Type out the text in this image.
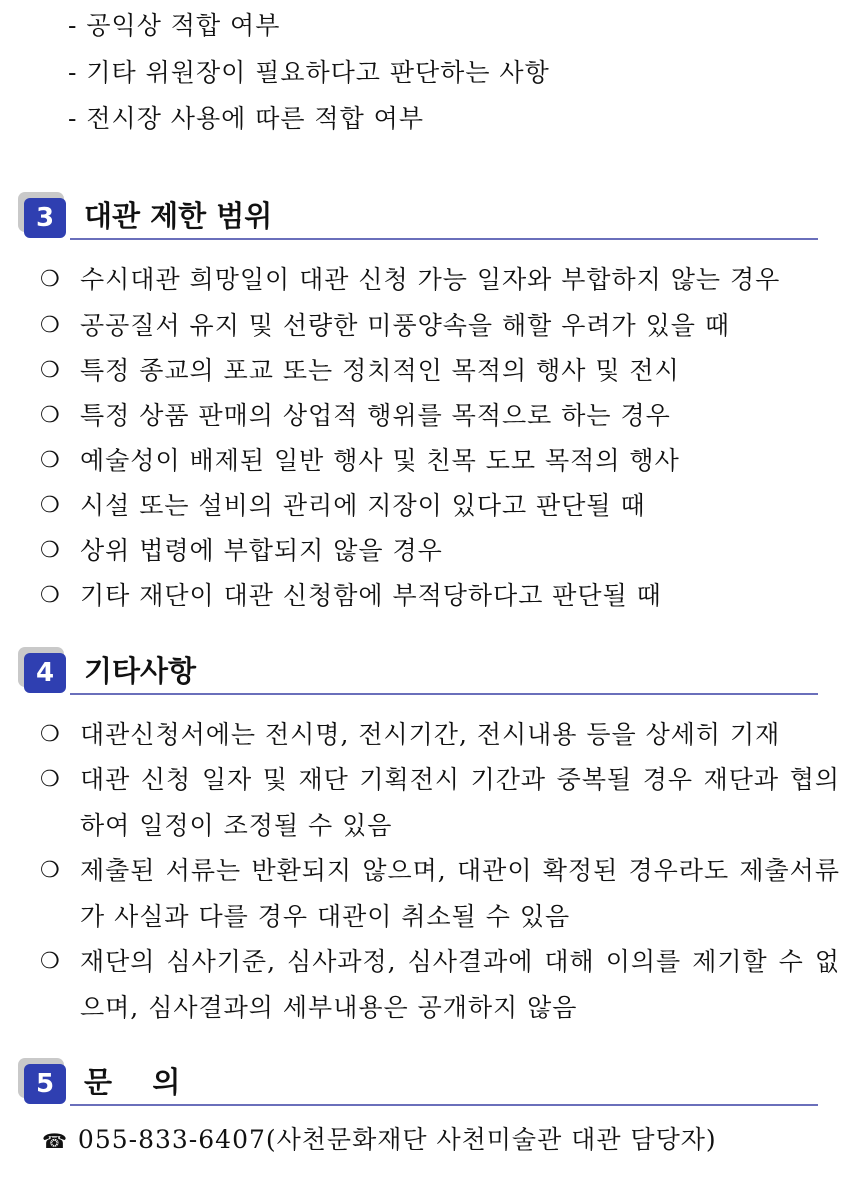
- 공익상 적합 여부
- 기타 위원장이 필요하다고 판단하는 사항
- 전시장 사용에 따른 적합 여부
3	대관 제한 범위
❍ 수시대관 희망일이 대관 신청 가능 일자와 부합하지 않는 경우
❍ 공공질서 유지 및 선량한 미풍양속을 해할 우려가 있을 때
❍ 특정 종교의 포교 또는 정치적인 목적의 행사 및 전시
❍ 특정 상품 판매의 상업적 행위를 목적으로 하는 경우
❍ 예술성이 배제된 일반 행사 및 친목 도모 목적의 행사
❍ 시설 또는 설비의 관리에 지장이 있다고 판단될 때
❍ 상위 법령에 부합되지 않을 경우
❍ 기타 재단이 대관 신청함에 부적당하다고 판단될 때
4	기타사항
❍ 대관신청서에는 전시명, 전시기간, 전시내용 등을 상세히 기재
❍ 대관 신청 일자 및 재단 기획전시 기간과 중복될 경우 재단과 협의하여 일정이 조정될 수 있음
❍ 제출된 서류는 반환되지 않으며, 대관이 확정된 경우라도 제출서류가 사실과 다를 경우 대관이 취소될 수 있음
❍ 재단의 심사기준, 심사과정, 심사결과에 대해 이의를 제기할 수 없으며, 심사결과의 세부내용은 공개하지 않음
5	문    의
☎ 055-833-6407(사천문화재단 사천미술관 대관 담당자)
